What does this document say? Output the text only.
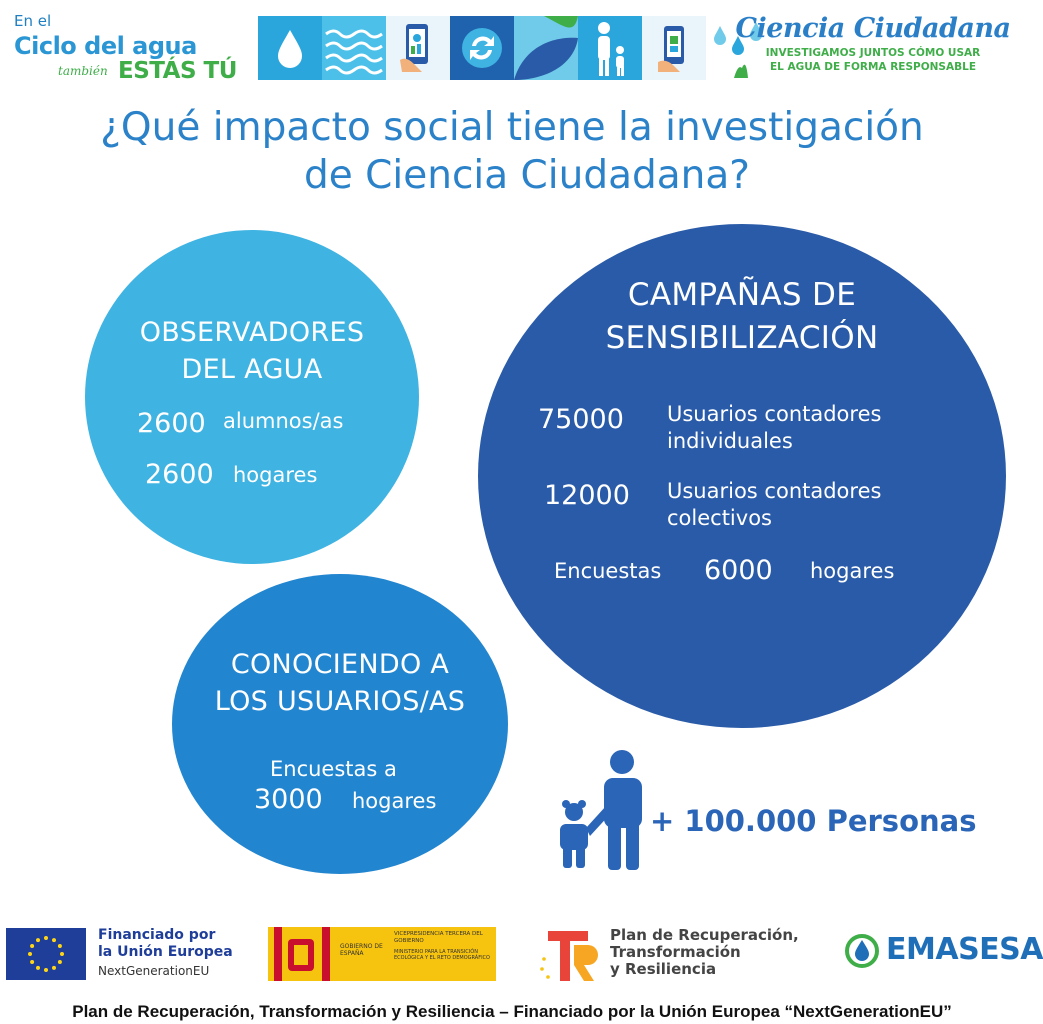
En el
Ciclo del agua
también ESTÁS TÚ
Ciencia Ciudadana
INVESTIGAMOS JUNTOS CÓMO USAR
EL AGUA DE FORMA RESPONSABLE
¿Qué impacto social tiene la investigación
de Ciencia Ciudadana?
OBSERVADORES
DEL AGUA
2600 alumnos/as
2600 hogares
CAMPAÑAS DE
SENSIBILIZACIÓN
75000 Usuarios contadores
individuales
12000 Usuarios contadores
colectivos
Encuestas 6000 hogares
CONOCIENDO A
LOS USUARIOS/AS
Encuestas a
3000 hogares
+ 100.000 Personas
Financiado por
la Unión Europea
NextGenerationEU
GOBIERNO DE ESPAÑA
VICEPRESIDENCIA TERCERA DEL GOBIERNO
MINISTERIO PARA LA TRANSICIÓN ECOLÓGICA Y EL RETO DEMOGRÁFICO
Plan de Recuperación,
Transformación
y Resiliencia
EMASESA
Plan de Recuperación, Transformación y Resiliencia – Financiado por la Unión Europea “NextGenerationEU”
